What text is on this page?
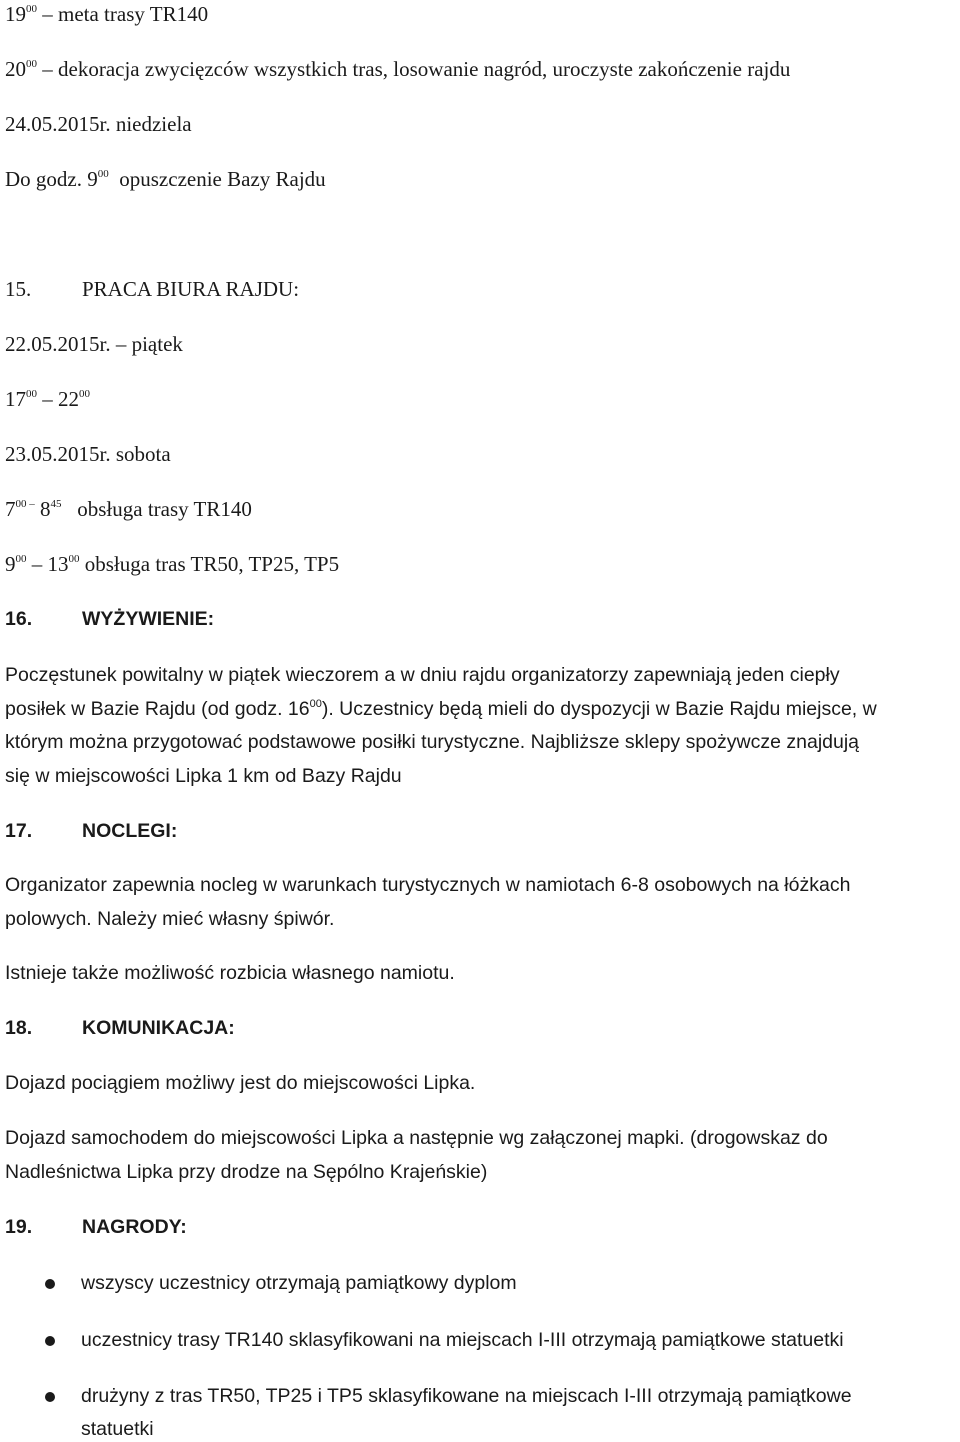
$19^{00}$ – meta trasy TR140
$20^{00}$ – dekoracja zwycięzców wszystkich tras, losowanie nagród, uroczyste zakończenie rajdu
24.05.2015r. niedziela
Do godz. $9^{00}$ opuszczenie Bazy Rajdu
15. PRACA BIURA RAJDU:
22.05.2015r. – piątek
$17^{00} - 22^{00}$
23.05.2015r. sobota
$7^{00 -}$ $8^{45}$ obsługa trasy TR140
$9^{00} - 13^{00}$ obsługa tras TR50, TP25, TP5
16.	WYŻYWIENIE:
Poczęstunek powitalny w piątek wieczorem a w dniu rajdu organizatorzy zapewniają jeden ciepły
posiłek w Bazie Rajdu (od godz. $16^{00}$). Uczestnicy będą mieli do dyspozycji w Bazie Rajdu miejsce, w
którym można przygotować podstawowe posiłki turystyczne. Najbliższe sklepy spożywcze znajdują
się w miejscowości Lipka 1 km od Bazy Rajdu
17.	NOCLEGI:
Organizator zapewnia nocleg w warunkach turystycznych w namiotach 6-8 osobowych na łóżkach
polowych. Należy mieć własny śpiwór.
Istnieje także możliwość rozbicia własnego namiotu.
18.	KOMUNIKACJA:
Dojazd pociągiem możliwy jest do miejscowości Lipka.
Dojazd samochodem do miejscowości Lipka a następnie wg załączonej mapki. (drogowskaz do
Nadleśnictwa Lipka przy drodze na Sępólno Krajeńskie)
19.	NAGRODY:
wszyscy uczestnicy otrzymają pamiątkowy dyplom
uczestnicy trasy TR140 sklasyfikowani na miejscach I-III otrzymają pamiątkowe statuetki
drużyny z tras TR50, TP25 i TP5 sklasyfikowane na miejscach I-III otrzymają pamiątkowe
statuetki
